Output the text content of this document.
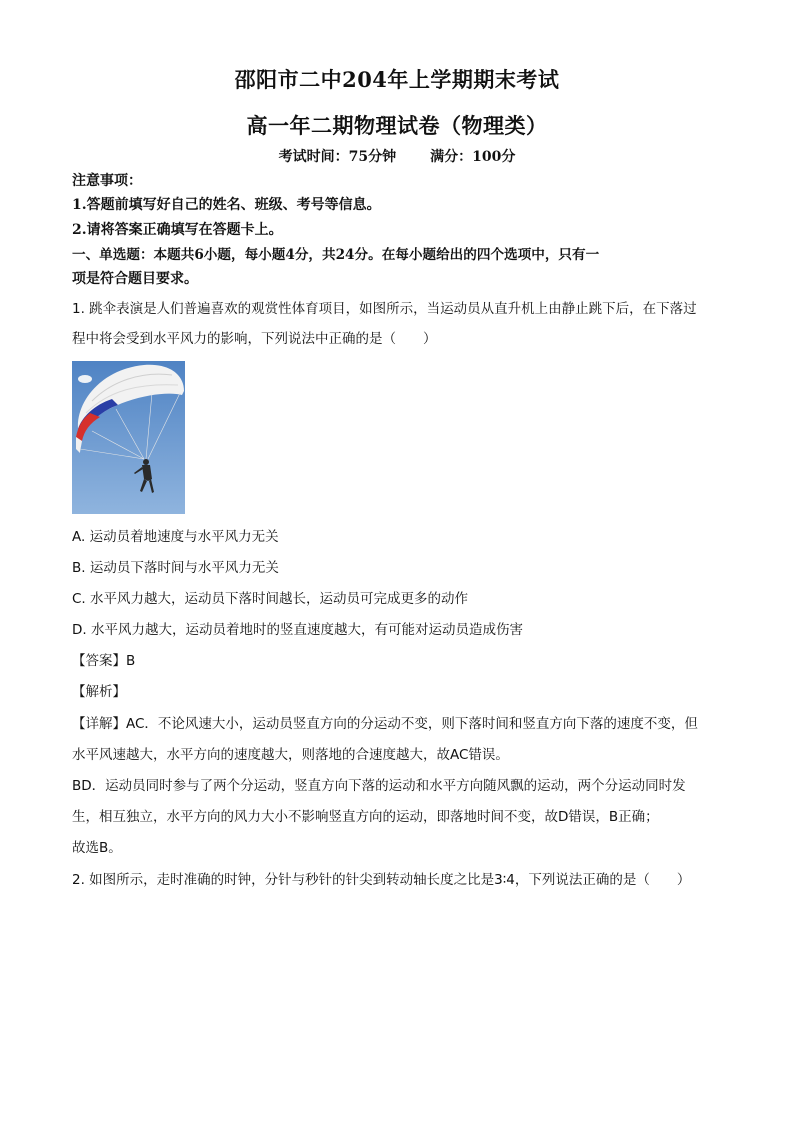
邵阳市二中204年上学期期末考试
高一年二期物理试卷（物理类）
考试时间：75分钟 满分：100分
注意事项：
1.答题前填写好自己的姓名、班级、考号等信息。
2.请将答案正确填写在答题卡上。
一、单选题：本题共6小题，每小题4分，共24分。在每小题给出的四个选项中，只有一
项是符合题目要求。
1. 跳伞表演是人们普遍喜欢的观赏性体育项目，如图所示，当运动员从直升机上由静止跳下后，在下落过
程中将会受到水平风力的影响，下列说法中正确的是（　　）
A. 运动员着地速度与水平风力无关
B. 运动员下落时间与水平风力无关
C. 水平风力越大，运动员下落时间越长，运动员可完成更多的动作
D. 水平风力越大，运动员着地时的竖直速度越大，有可能对运动员造成伤害
【答案】B
【解析】
【详解】AC．不论风速大小，运动员竖直方向的分运动不变，则下落时间和竖直方向下落的速度不变，但
水平风速越大，水平方向的速度越大，则落地的合速度越大，故AC错误。
BD．运动员同时参与了两个分运动，竖直方向下落的运动和水平方向随风飘的运动，两个分运动同时发
生，相互独立，水平方向的风力大小不影响竖直方向的运动，即落地时间不变，故D错误，B正确；
故选B。
2. 如图所示，走时准确的时钟，分针与秒针的针尖到转动轴长度之比是3∶4，下列说法正确的是（　　）
